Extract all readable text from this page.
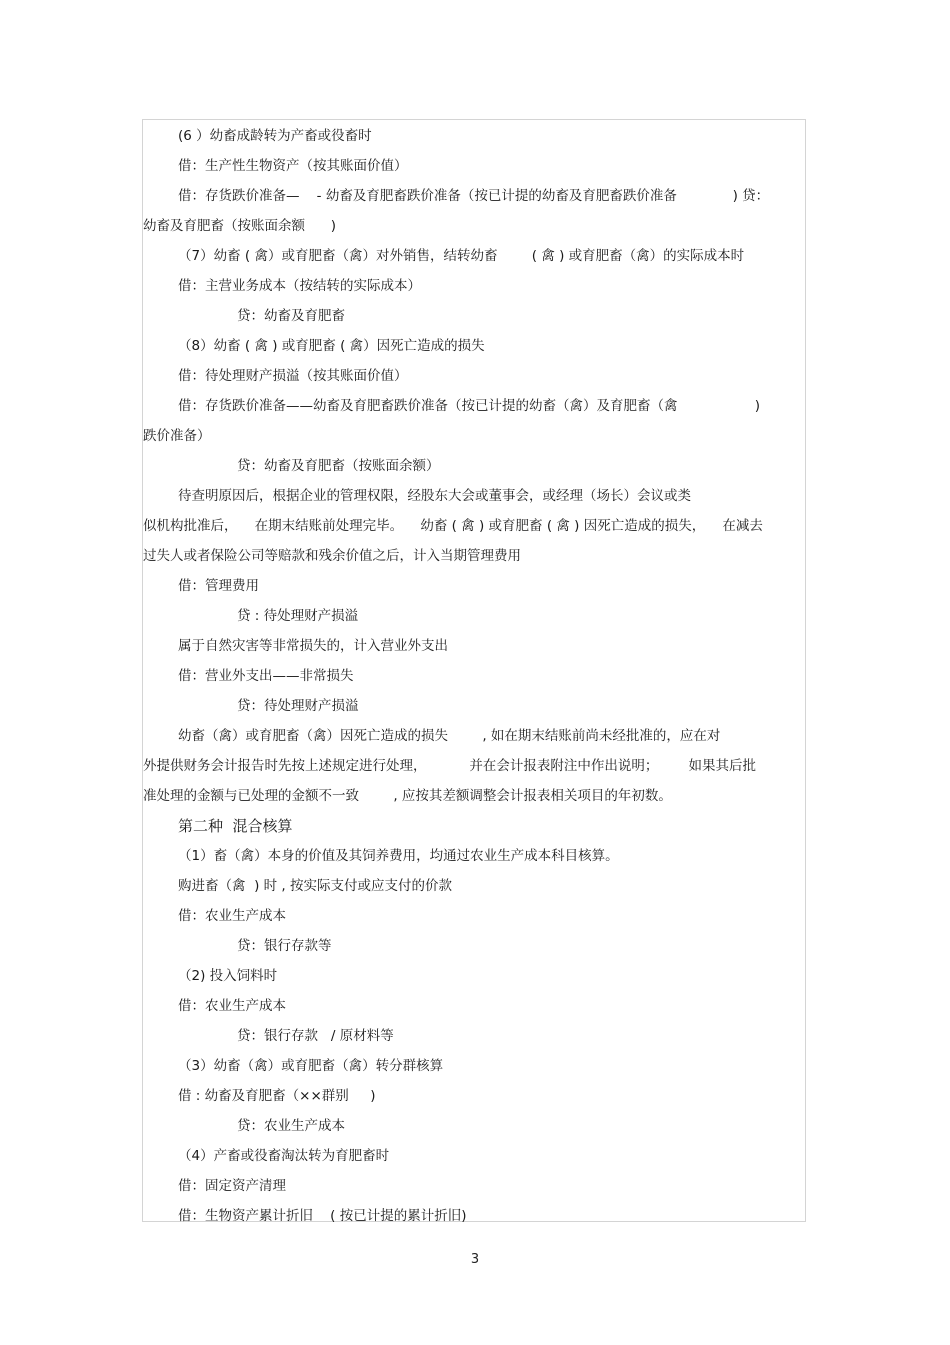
(6 ）幼畜成龄转为产畜或役畜时
借：生产性生物资产（按其账面价值）
借：存货跌价准备—    - 幼畜及育肥畜跌价准备（按已计提的幼畜及育肥畜跌价准备             ) 贷：
幼畜及育肥畜（按账面余额      )
（7）幼畜 ( 禽）或育肥畜（禽）对外销售，结转幼畜        ( 禽 ) 或育肥畜（禽）的实际成本时
借：主营业务成本（按结转的实际成本）
贷：幼畜及育肥畜
（8）幼畜 ( 禽 ) 或育肥畜 ( 禽）因死亡造成的损失
借：待处理财产损溢（按其账面价值）
借：存货跌价准备——幼畜及育肥畜跌价准备（按已计提的幼畜（禽）及育肥畜（禽                  )
跌价准备）
贷：幼畜及育肥畜（按账面余额）
待查明原因后，根据企业的管理权限，经股东大会或董事会，或经理（场长）会议或类
似机构批准后，    在期末结账前处理完毕。    幼畜 ( 禽 ) 或育肥畜 ( 禽 ) 因死亡造成的损失，    在减去
过失人或者保险公司等赔款和残余价值之后，计入当期管理费用
借：管理费用
贷 : 待处理财产损溢
属于自然灾害等非常损失的，计入营业外支出
借：营业外支出——非常损失
贷：待处理财产损溢
幼畜（禽）或育肥畜（禽）因死亡造成的损失        , 如在期末结账前尚未经批准的，应在对
外提供财务会计报告时先按上述规定进行处理，          并在会计报表附注中作出说明；       如果其后批
准处理的金额与已处理的金额不一致        , 应按其差额调整会计报表相关项目的年初数。
第二种  混合核算
（1）畜（禽）本身的价值及其饲养费用，均通过农业生产成本科目核算。
购进畜（禽  ) 时 , 按实际支付或应支付的价款
借：农业生产成本
贷：银行存款等
（2) 投入饲料时
借：农业生产成本
贷：银行存款   / 原材料等
（3）幼畜（禽）或育肥畜（禽）转分群核算
借 : 幼畜及育肥畜（××群别     )
贷：农业生产成本
（4）产畜或役畜淘汰转为育肥畜时
借：固定资产清理
借：生物资产累计折旧    ( 按已计提的累计折旧)
3
